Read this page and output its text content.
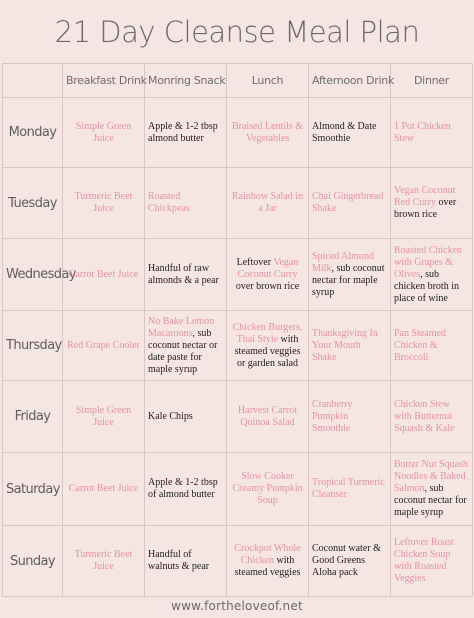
21 Day Cleanse Meal Plan
	Breakfast Drink	Monring Snack	Lunch	Afternoon Drink	Dinner
Monday	Simple Green Juice	Apple & 1-2 tbsp almond butter	Braised Lentils & Vegetables	Almond & Date Smoothie	1 Pot Chicken Stew
Tuesday	Turmeric Beet Juice	Roasted Chickpeas	Rainbow Salad in a Jar	Chai Gingerbread Shake	Vegan Coconut Red Curry over brown rice
Wednesday	Carrot Beet Juice	Handful of raw almonds & a pear	Leftover Vegan Coconut Curry over brown rice	Spiced Almond Milk, sub coconut nectar for maple syrup	Roasted Chicken with Grapes & Olives, sub chicken broth in place of wine
Thursday	Red Grape Cooler	No Bake Lemon Macaroons, sub coconut nectar or date paste for maple syrup	Chicken Burgers, Thai Style with steamed veggies or garden salad	Thanksgiving In Your Mouth Shake	Pan Steamed Chicken & Broccoli
Friday	Simple Green Juice	Kale Chips	Harvest Carrot Quinoa Salad	Cranberry Pumpkin Smoothie	Chicken Stew with Butternut Squash & Kale
Saturday	Carrot Beet Juice	Apple & 1-2 tbsp of almond butter	Slow Cooker Creamy Pumpkin Soup	Tropical Turmeric Cleanser	Butter Nut Squash Noodles & Baked Salmon, sub coconut nectar for maple syrup
Sunday	Turmeric Beet Juice	Handful of walnuts & pear	Crockpot Whole Chicken with steamed veggies	Coconut water & Good Greens Aloha pack	Leftover Roast Chicken Soup with Roasted Veggies
www.fortheloveof.net
